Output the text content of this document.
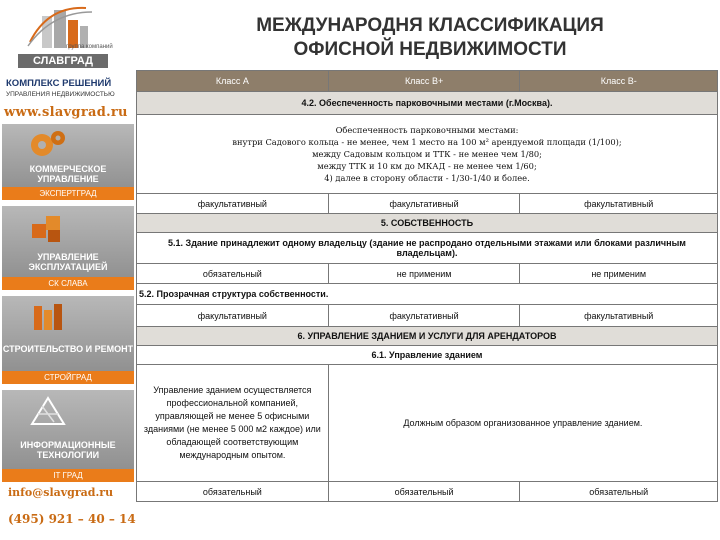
группа компаний
СЛАВГРАД
КОМПЛЕКС РЕШЕНИЙ
УПРАВЛЕНИЯ НЕДВИЖИМОСТЬЮ
www.slavgrad.ru
КОММЕРЧЕСКОЕ УПРАВЛЕНИЕ
ЭКСПЕРТГРАД
УПРАВЛЕНИЕ ЭКСПЛУАТАЦИЕЙ
СК СЛАВА
СТРОИТЕЛЬСТВО И РЕМОНТ
СТРОЙГРАД
ИНФОРМАЦИОННЫЕ ТЕХНОЛОГИИ
IT ГРАД
info@slavgrad.ru
(495) 921 – 40 – 14
МЕЖДУНАРОДНЯ КЛАССИФИКАЦИЯ
ОФИСНОЙ НЕДВИЖИМОСТИ
Класс А	Класс В+	Класс В-
4.2. Обеспеченность парковочными местами (г.Москва).		

Обеспеченность парковочными местами:
внутри Садового кольца - не менее, чем 1 место на 100 м² арендуемой площади (1/100);
между Садовым кольцом и ТТК - не менее чем 1/80;
между ТТК и 10 км до МКАД - не менее чем 1/60;
4) далее в сторону области - 1/30-1/40 и более.		

факультативный	факультативный	факультативный
5. СОБСТВЕННОСТЬ		
5.1. Здание принадлежит одному владельцу (здание не распродано отдельными этажами или блоками различным владельцам).		
обязательный	не применим	не применим
5.2. Прозрачная структура собственности.		
факультативный	факультативный	факультативный
6. УПРАВЛЕНИЕ ЗДАНИЕМ И УСЛУГИ ДЛЯ АРЕНДАТОРОВ		
6.1. Управление зданием		
Управление зданием осуществляется профессиональной компанией, управляющей не менее 5 офисными зданиями (не менее 5 000 м2 каждое) или обладающей соответствующим международным опытом.	Должным образом организованное управление зданием.	
обязательный	обязательный	обязательный
